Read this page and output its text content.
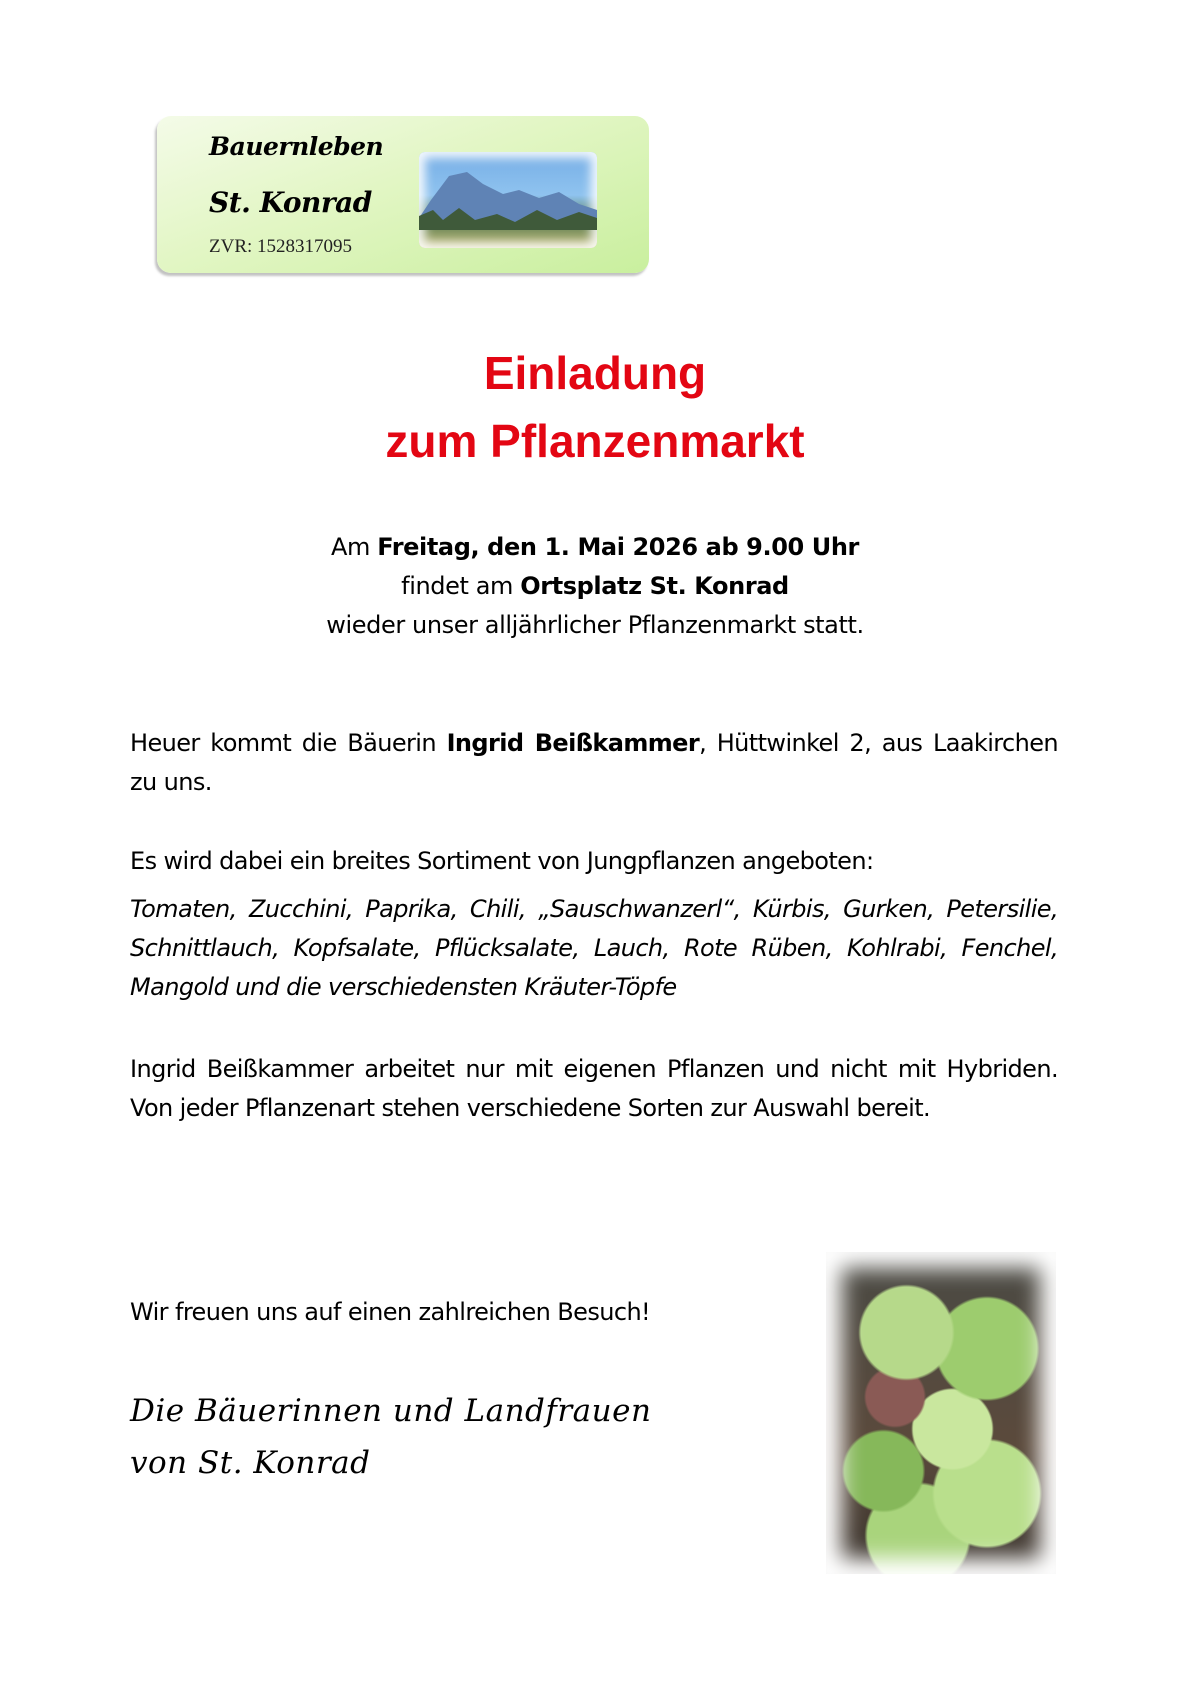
Bauernleben
St. Konrad
ZVR: 1528317095
Einladung
zum Pflanzenmarkt
Am Freitag, den 1. Mai 2026 ab 9.00 Uhr
findet am Ortsplatz St. Konrad
wieder unser alljährlicher Pflanzenmarkt statt.
Heuer kommt die Bäuerin Ingrid Beißkammer, Hüttwinkel 2, aus Laakirchen zu uns.
Es wird dabei ein breites Sortiment von Jungpflanzen angeboten:
Tomaten, Zucchini, Paprika, Chili, „Sauschwanzerl“, Kürbis, Gurken, Petersilie, Schnittlauch, Kopfsalate, Pflücksalate, Lauch, Rote Rüben, Kohlrabi, Fenchel, Mangold und die verschiedensten Kräuter-Töpfe
Ingrid Beißkammer arbeitet nur mit eigenen Pflanzen und nicht mit Hybriden. Von jeder Pflanzenart stehen verschiedene Sorten zur Auswahl bereit.
Wir freuen uns auf einen zahlreichen Besuch!
Die Bäuerinnen und Landfrauen
von St. Konrad
